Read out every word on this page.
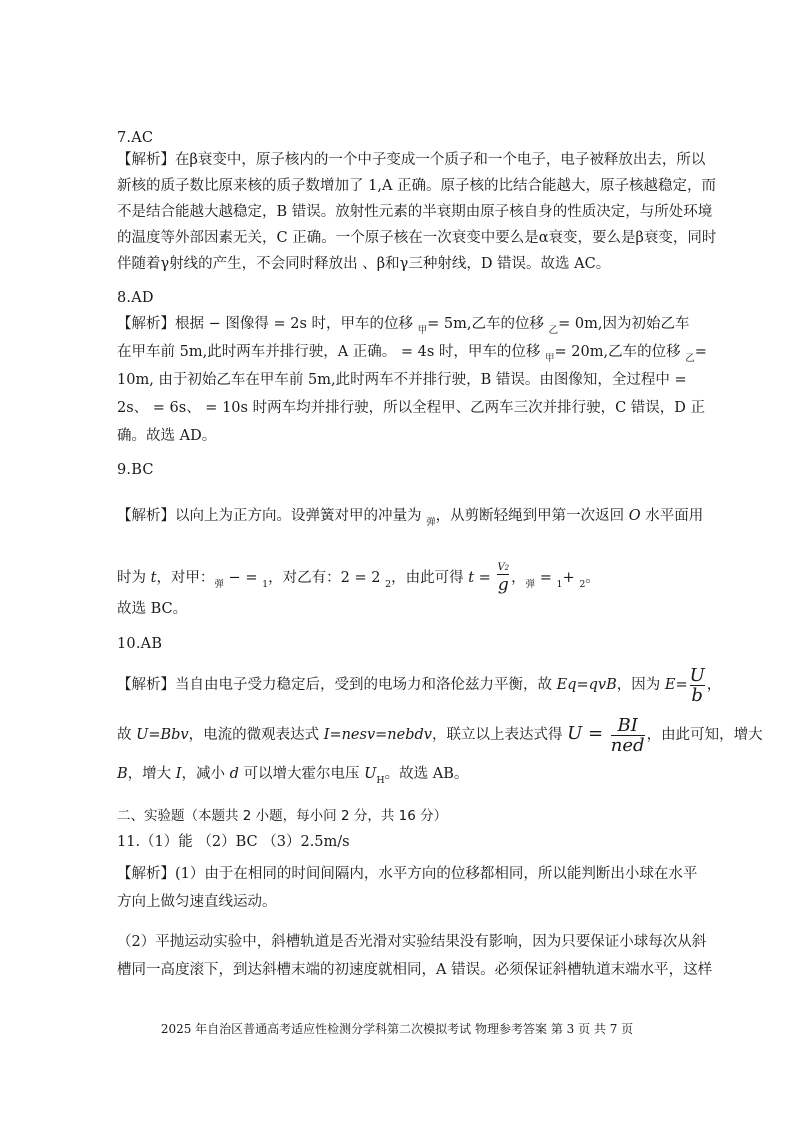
7.AC
【解析】在β衰变中，原子核内的一个中子变成一个质子和一个电子，电子被释放出去，所以
新核的质子数比原来核的质子数增加了 1,A 正确。原子核的比结合能越大，原子核越稳定，而
不是结合能越大越稳定，B 错误。放射性元素的半衰期由原子核自身的性质决定，与所处环境
的温度等外部因素无关，C 正确。一个原子核在一次衰变中要么是α衰变，要么是β衰变，同时
伴随着γ射线的产生，不会同时释放出 、β和γ三种射线，D 错误。故选 AC。
8.AD
【解析】根据 − 图像得 = 2s 时，甲车的位移 $_甲$= 5m,乙车的位移 $_乙$= 0m,因为初始乙车
在甲车前 5m,此时两车并排行驶，A 正确。 = 4s 时，甲车的位移 $_甲$= 20m,乙车的位移 $_乙$=
10m, 由于初始乙车在甲车前 5m,此时两车不并排行驶，B 错误。由图像知，全过程中 =
2s、 = 6s、 = 10s 时两车均并排行驶，所以全程甲、乙两车三次并排行驶，C 错误，D 正
确。故选 AD。
9.BC
【解析】以向上为正方向。设弹簧对甲的冲量为 $_弹$，从剪断轻绳到甲第一次返回 O 水平面用
时为 t，对甲：$_弹$ − = $_1$，对乙有：2 = 2 $_2$，由此可得 $t = \frac{V2}{g}$ ，$_弹$ = $_1$+ $_2$。
故选 BC。
10.AB
【解析】当自由电子受力稳定后，受到的电场力和洛伦兹力平衡，故 Eq=qvB，因为 $E= \frac{U}{b}$ ，
故 U=Bbv，电流的微观表达式 I=nesv=nebdv，联立以上表达式得 $U = \frac{BI}{\text{ned}}$ ，由此可知，增大
B，增大 I，减小 d 可以增大霍尔电压 $U_H$。故选 AB。
二、实验题（本题共 2 小题，每小问 2 分，共 16 分）
11.（1）能 （2）BC （3）2.5m/s
【解析】(1）由于在相同的时间间隔内，水平方向的位移都相同，所以能判断出小球在水平
方向上做匀速直线运动。
（2）平抛运动实验中，斜槽轨道是否光滑对实验结果没有影响，因为只要保证小球每次从斜
槽同一高度滚下，到达斜槽末端的初速度就相同，A 错误。必须保证斜槽轨道末端水平，这样
2025 年自治区普通高考适应性检测分学科第二次模拟考试 物理参考答案 第 3 页 共 7 页
